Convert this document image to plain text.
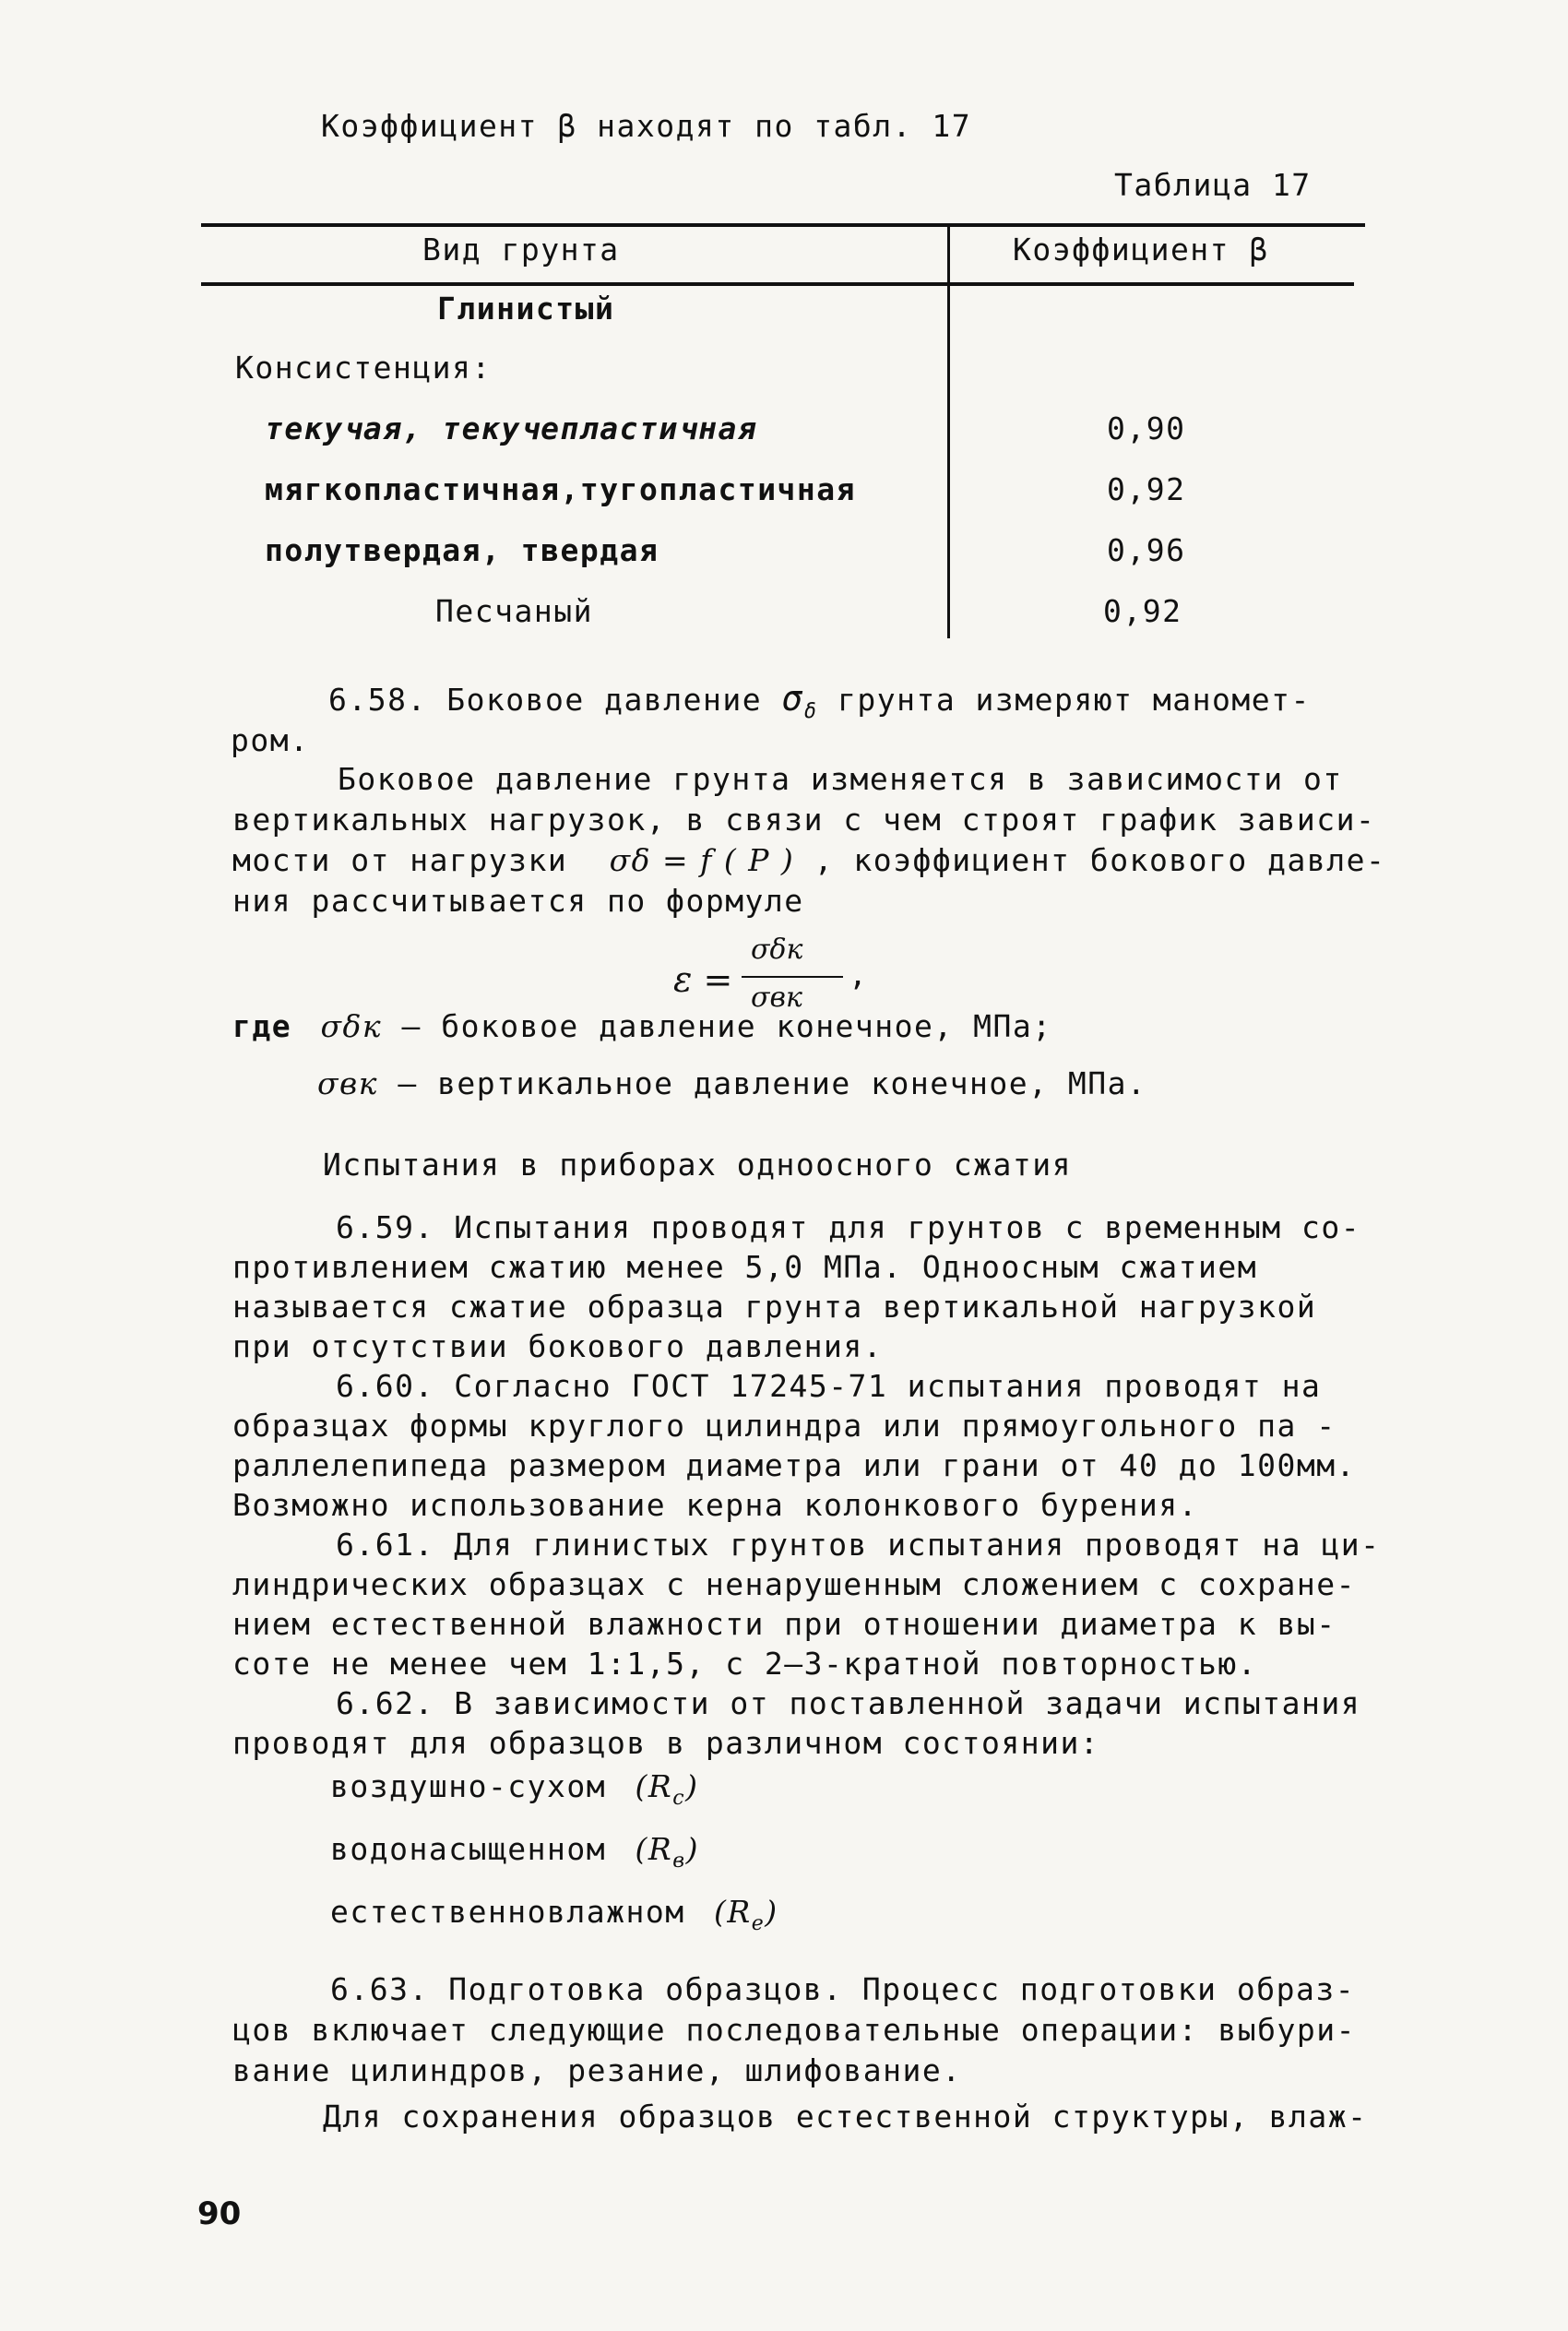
Коэффициент β находят по табл. 17
Таблица 17
Вид грунта	Коэффициент β
Глинистый
Консистенция:
текучая, текучепластичная	0,90
мягкопластичная,тугопластичная	0,92
полутвердая, твердая	0,96
Песчаный	0,92
6.58. Боковое давление $\sigma_\delta$ грунта измеряют маномет-
ром.
Боковое давление грунта изменяется в зависимости от
вертикальных нагрузок, в связи с чем строят график зависи-
мости от нагрузки σδ = f ( P ) , коэффициент бокового давле-
ния рассчитывается по формуле
ε =
σδк
σвк
,
где σδк – боковое давление конечное, МПа;
σвк – вертикальное давление конечное, МПа.
Испытания в приборах одноосного сжатия
6.59. Испытания проводят для грунтов с временным со-
противлением сжатию менее 5,0 МПа. Одноосным сжатием
называется сжатие образца грунта вертикальной нагрузкой
при отсутствии бокового давления.
6.60. Согласно ГОСТ 17245-71 испытания проводят на
образцах формы круглого цилиндра или прямоугольного па -
раллелепипеда размером диаметра или грани от 40 до 100мм.
Возможно использование керна колонкового бурения.
6.61. Для глинистых грунтов испытания проводят на ци-
линдрических образцах с ненарушенным сложением с сохране-
нием естественной влажности при отношении диаметра к вы-
соте не менее чем 1:1,5, с 2–3-кратной повторностью.
6.62. В зависимости от поставленной задачи испытания
проводят для образцов в различном состоянии:
воздушно-сухом $(R_c)$
водонасыщенном $(R_в)$
естественновлажном $(R_e)$
6.63. Подготовка образцов. Процесс подготовки образ-
цов включает следующие последовательные операции: выбури-
вание цилиндров, резание, шлифование.
Для сохранения образцов естественной структуры, влаж-
90
